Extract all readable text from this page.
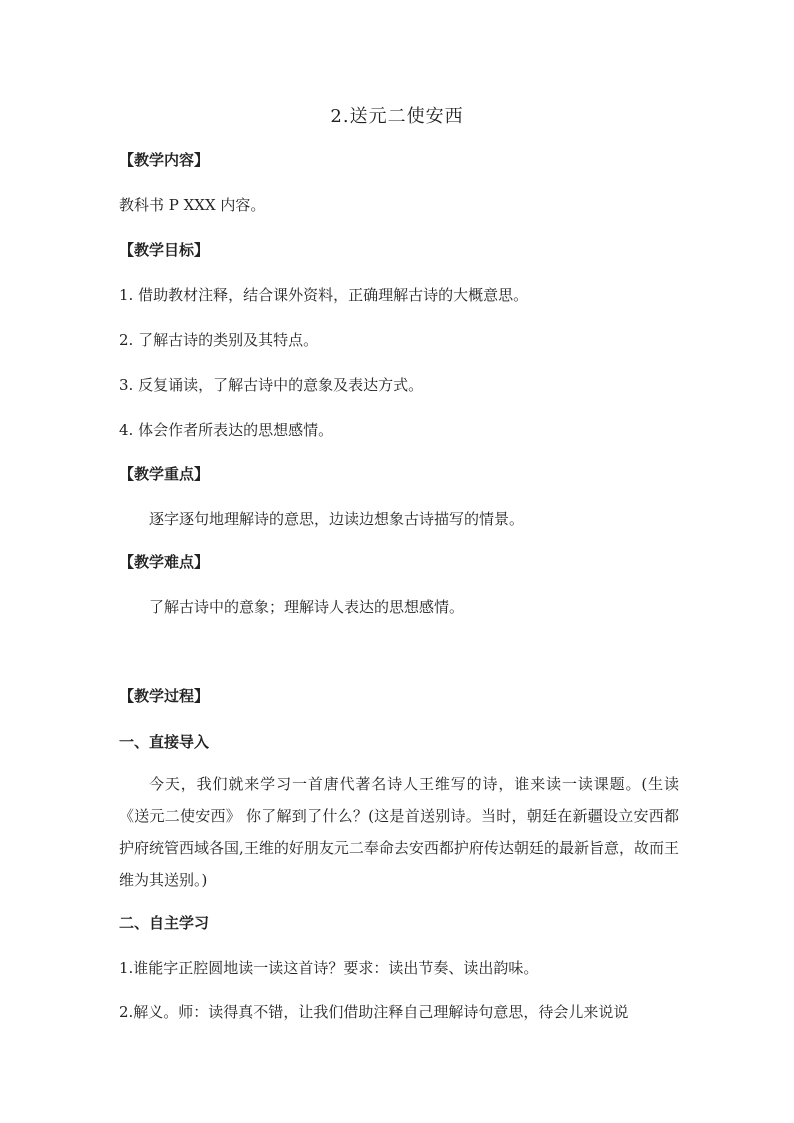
2.送元二使安西
【教学内容】
教科书 P XXX 内容。
【教学目标】
1. 借助教材注释，结合课外资料，正确理解古诗的大概意思。
2. 了解古诗的类别及其特点。
3. 反复诵读，了解古诗中的意象及表达方式。
4. 体会作者所表达的思想感情。
【教学重点】
逐字逐句地理解诗的意思，边读边想象古诗描写的情景。
【教学难点】
了解古诗中的意象；理解诗人表达的思想感情。
【教学过程】
一、直接导入
今天，我们就来学习一首唐代著名诗人王维写的诗，谁来读一读课题。(生读《送元二使安西》 你了解到了什么？(这是首送别诗。当时，朝廷在新疆设立安西都护府统管西域各国,王维的好朋友元二奉命去安西都护府传达朝廷的最新旨意，故而王维为其送别。)
二、自主学习
1.谁能字正腔圆地读一读这首诗？要求：读出节奏、读出韵味。
2.解义。师：读得真不错，让我们借助注释自己理解诗句意思，待会儿来说说
